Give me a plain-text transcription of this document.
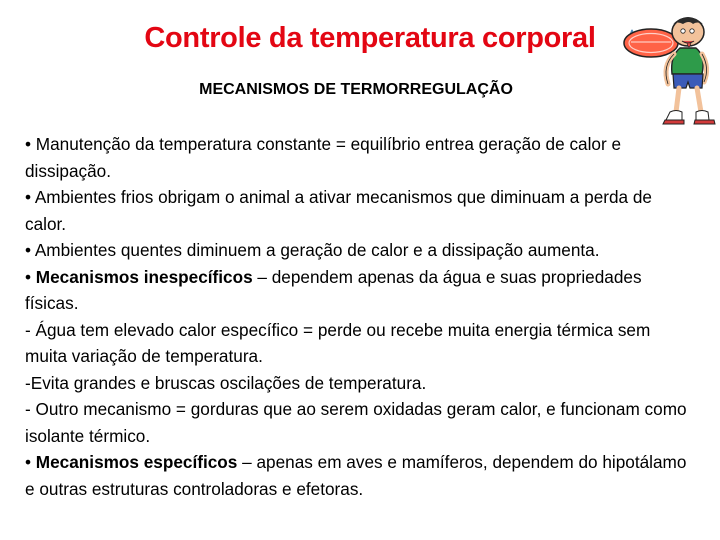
Controle da temperatura corporal
MECANISMOS DE TERMORREGULAÇÃO

• Manutenção da temperatura constante = equilíbrio entrea geração de calor e dissipação.

• Ambientes frios obrigam o animal a ativar mecanismos que diminuam a perda de calor.

• Ambientes quentes diminuem a geração de calor e a dissipação aumenta.

• Mecanismos inespecíficos – dependem apenas da água e suas propriedades físicas.

- Água tem elevado calor específico = perde ou recebe muita energia térmica sem muita variação de temperatura.

-Evita grandes e bruscas oscilações de temperatura.

- Outro mecanismo = gorduras que ao serem oxidadas geram calor, e funcionam como isolante térmico.

• Mecanismos específicos – apenas em aves e mamíferos, dependem do hipotálamo e outras estruturas controladoras e efetoras.
